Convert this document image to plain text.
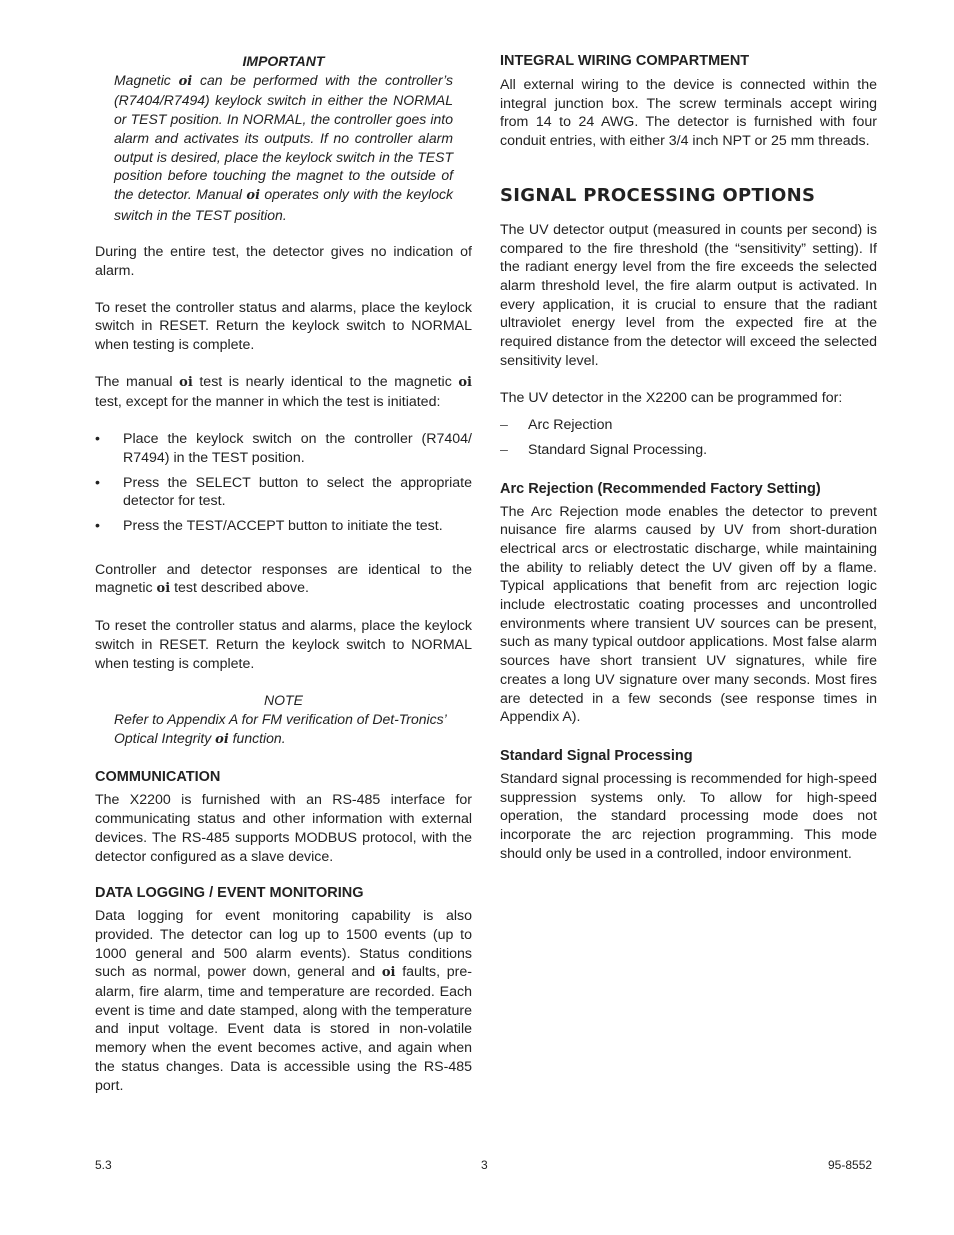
IMPORTANT
Magnetic oi can be performed with the controller’s (R7404/R7494) keylock switch in either the NORMAL or TEST position. In NORMAL, the controller goes into alarm and activates its outputs. If no controller alarm output is desired, place the keylock switch in the TEST position before touching the magnet to the outside of the detector. Manual oi operates only with the keylock switch in the TEST position.

During the entire test, the detector gives no indication of alarm.

To reset the controller status and alarms, place the keylock switch in RESET. Return the keylock switch to NORMAL when testing is complete.

The manual oi test is nearly identical to the magnetic oi test, except for the manner in which the test is initiated:

• Place the keylock switch on the controller (R7404/ R7494) in the TEST position.
• Press the SELECT button to select the appropriate detector for test.
• Press the TEST/ACCEPT button to initiate the test.

Controller and detector responses are identical to the magnetic oi test described above.

To reset the controller status and alarms, place the keylock switch in RESET. Return the keylock switch to NORMAL when testing is complete.

NOTE
Refer to Appendix A for FM verification of Det-Tronics’ Optical Integrity oi function.
COMMUNICATION

The X2200 is furnished with an RS-485 interface for communicating status and other information with external devices. The RS-485 supports MODBUS protocol, with the detector configured as a slave device.

DATA LOGGING / EVENT MONITORING

Data logging for event monitoring capability is also provided. The detector can log up to 1500 events (up to 1000 general and 500 alarm events). Status conditions such as normal, power down, general and oi faults, pre-alarm, fire alarm, time and temperature are recorded. Each event is time and date stamped, along with the temperature and input voltage. Event data is stored in non-volatile memory when the event becomes active, and again when the status changes. Data is accessible using the RS-485 port.

INTEGRAL WIRING COMPARTMENT

All external wiring to the device is connected within the integral junction box. The screw terminals accept wiring from 14 to 24 AWG. The detector is furnished with four conduit entries, with either 3/4 inch NPT or 25 mm threads.

SIGNAL PROCESSING OPTIONS

The UV detector output (measured in counts per second) is compared to the fire threshold (the “sensitivity” setting). If the radiant energy level from the fire exceeds the selected alarm threshold level, the fire alarm output is activated. In every application, it is crucial to ensure that the radiant ultraviolet energy level from the expected fire at the required distance from the detector will exceed the selected sensitivity level.

The UV detector in the X2200 can be programmed for:

– Arc Rejection
– Standard Signal Processing.
Arc Rejection (Recommended Factory Setting)

The Arc Rejection mode enables the detector to prevent nuisance fire alarms caused by UV from short-duration electrical arcs or electrostatic discharge, while maintaining the ability to reliably detect the UV given off by a flame. Typical applications that benefit from arc rejection logic include electrostatic coating processes and uncontrolled environments where transient UV sources can be present, such as many typical outdoor applications. Most false alarm sources have short transient UV signatures, while fire creates a long UV signature over many seconds. Most fires are detected in a few seconds (see response times in Appendix A).

Standard Signal Processing

Standard signal processing is recommended for high-speed suppression systems only. To allow for high-speed operation, the standard processing mode does not incorporate the arc rejection programming. This mode should only be used in a controlled, indoor environment.

5.3	3	95-8552
